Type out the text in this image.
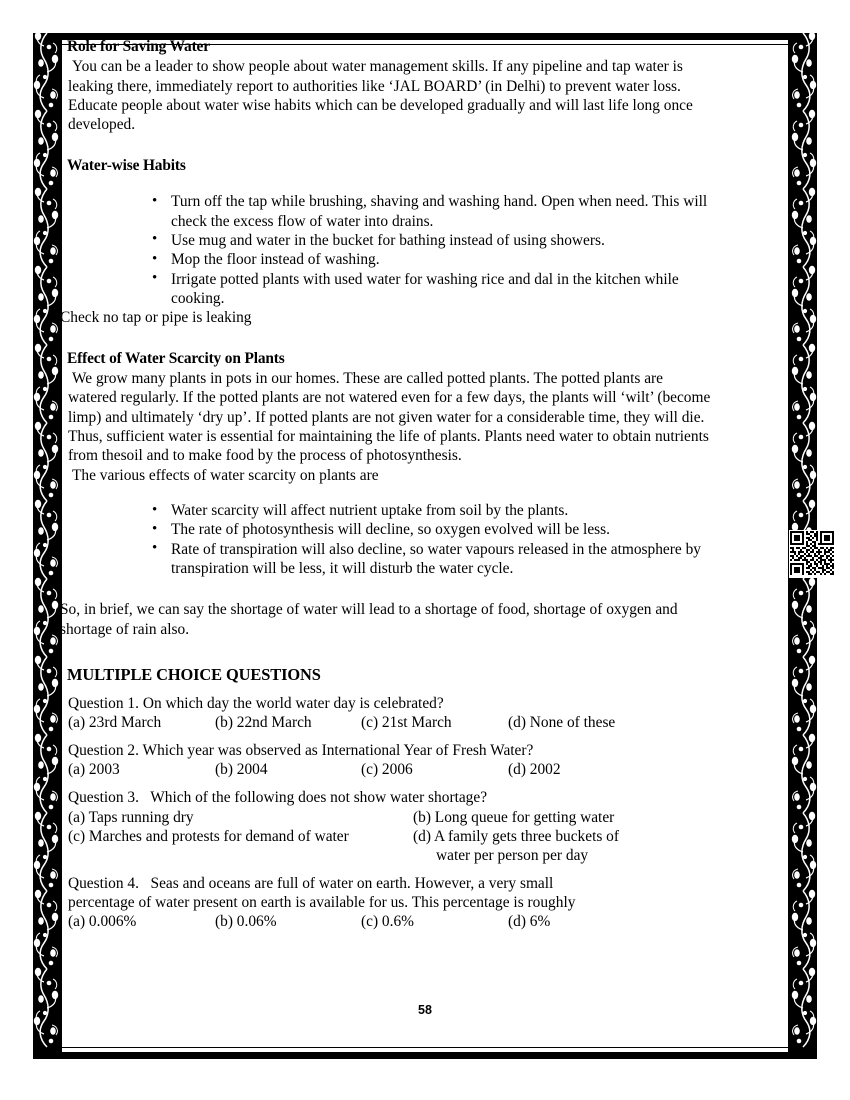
58
Role for Saving Water

You can be a leader to show people about water management skills. If any pipeline and tap water is leaking there, immediately report to authorities like ‘JAL BOARD’ (in Delhi) to prevent water loss. Educate people about water wise habits which can be developed gradually and will last life long once developed.

Water-wise Habits
• Turn off the tap while brushing, shaving and washing hand. Open when need. This will check the excess flow of water into drains.
• Use mug and water in the bucket for bathing instead of using showers.
• Mop the floor instead of washing.
• Irrigate potted plants with used water for washing rice and dal in the kitchen while cooking.

Check no tap or pipe is leaking

Effect of Water Scarcity on Plants

We grow many plants in pots in our homes. These are called potted plants. The potted plants are watered regularly. If the potted plants are not watered even for a few days, the plants will ‘wilt’ (become limp) and ultimately ‘dry up’. If potted plants are not given water for a considerable time, they will die. Thus, sufficient water is essential for maintaining the life of plants. Plants need water to obtain nutrients from thesoil and to make food by the process of photosynthesis.

The various effects of water scarcity on plants are

• Water scarcity will affect nutrient uptake from soil by the plants.
• The rate of photosynthesis will decline, so oxygen evolved will be less.
• Rate of transpiration will also decline, so water vapours released in the atmosphere by transpiration will be less, it will disturb the water cycle.

So, in brief, we can say the shortage of water will lead to a shortage of food, shortage of oxygen and shortage of rain also.

MULTIPLE CHOICE QUESTIONS

Question 1. On which day the world water day is celebrated?

(a) 23rd March	(b) 22nd March	(c) 21st March	(d) None of these

Question 2. Which year was observed as International Year of Fresh Water?

(a) 2003	(b) 2004	(c) 2006	(d) 2002

Question 3. Which of the following does not show water shortage?

(a) Taps running dry	(b) Long queue for getting water
(c) Marches and protests for demand of water	(d) A family gets three buckets of
water per person per day

Question 4. Seas and oceans are full of water on earth. However, a very small

percentage of water present on earth is available for us. This percentage is roughly

(a) 0.006%	(b) 0.06%	(c) 0.6%	(d) 6%
